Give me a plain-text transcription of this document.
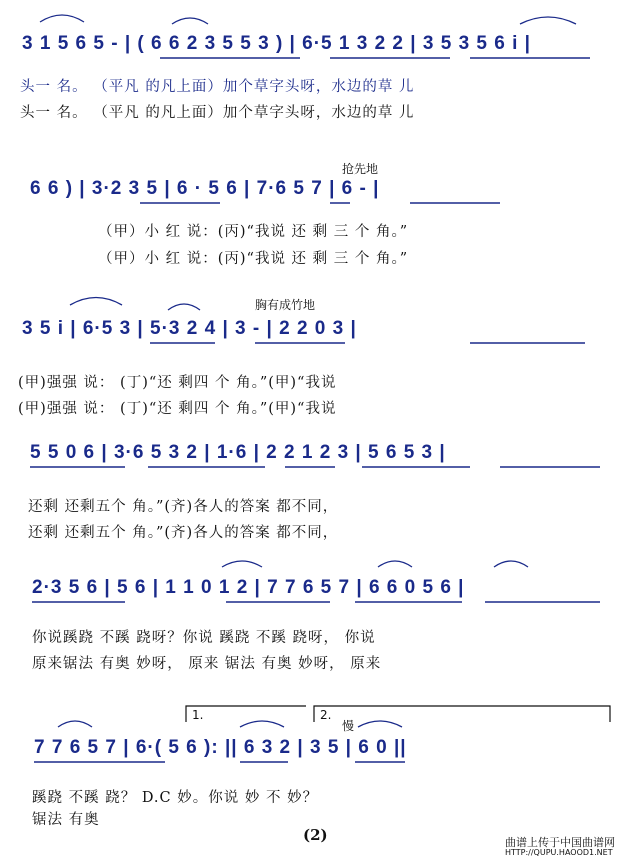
3 1 5 6 5 - | ( 6 6 2 3 5 5 3 ) | 6·5 1 3 2 2 | 3 5 3 5 6 i |
头一 名。 （平凡 的凡上面）加个草字头呀，水边的草 儿
头一 名。 （平凡 的凡上面）加个草字头呀，水边的草 儿
抢先地
6 6 ) | 3·2 3 5 | 6 · 5 6 | 7·6 5 7 | 6 - |
（甲）小 红 说：(丙)“我说 还 剩 三 个 角。”
（甲）小 红 说：(丙)“我说 还 剩 三 个 角。”
胸有成竹地
3 5 i | 6·5 3 | 5·3 2 4 | 3 - | 2 2 0 3 |
(甲)强强 说： (丁)“还 剩四 个 角。”(甲)“我说
(甲)强强 说： (丁)“还 剩四 个 角。”(甲)“我说
5 5 0 6 | 3·6 5 3 2 | 1·6 | 2 2 1 2 3 | 5 6 5 3 |
还剩 还剩五个 角。”(齐)各人的答案 都不同，
还剩 还剩五个 角。”(齐)各人的答案 都不同，
2·3 5 6 | 5 6 | 1 1 0 1 2 | 7 7 6 5 7 | 6 6 0 5 6 |
你说蹊跷 不蹊 跷呀？你说 蹊跷 不蹊 跷呀， 你说
原来锯法 有奥 妙呀， 原来 锯法 有奥 妙呀， 原来
1.	2.
慢
7 7 6 5 7 | 6·( 5 6 ): || 6 3 2 | 3 5 | 6 0 ||
蹊跷 不蹊 跷？ D.C 妙。你说 妙 不 妙？
锯法 有奥
(2)	曲谱上传于中国曲谱网
HTTP://QUPU.HAOOD1.NET
